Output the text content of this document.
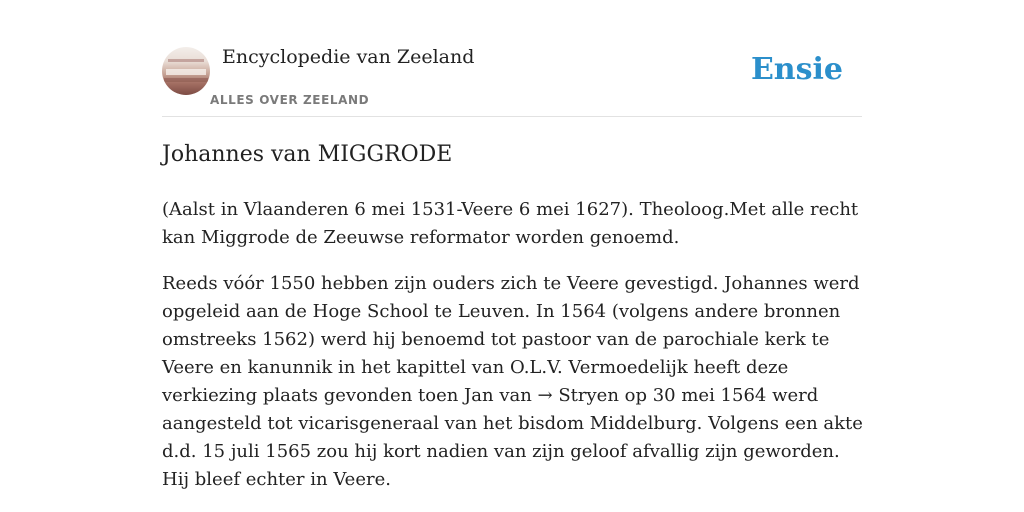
Encyclopedie van Zeeland
ALLES OVER ZEELAND
Ensie
Johannes van MIGGRODE

(Aalst in Vlaanderen 6 mei 1531-Veere 6 mei 1627). Theoloog.Met alle recht kan Miggrode de Zeeuwse reformator worden genoemd.

Reeds vóór 1550 hebben zijn ouders zich te Veere gevestigd. Johannes werd opgeleid aan de Hoge School te Leuven. In 1564 (volgens andere bronnen omstreeks 1562) werd hij benoemd tot pastoor van de parochiale kerk te Veere en kanunnik in het kapittel van O.L.V. Vermoedelijk heeft deze verkiezing plaats gevonden toen Jan van → Stryen op 30 mei 1564 werd aangesteld tot vicarisgeneraal van het bisdom Middelburg. Volgens een akte d.d. 15 juli 1565 zou hij kort nadien van zijn geloof afvallig zijn geworden. Hij bleef echter in Veere.
